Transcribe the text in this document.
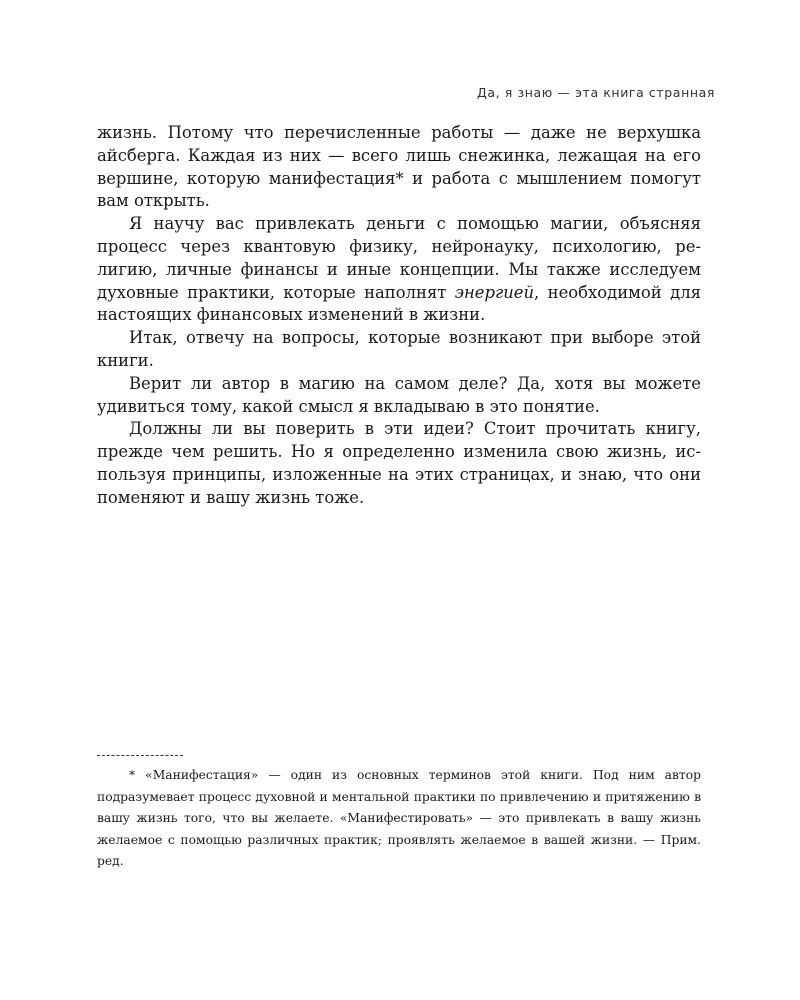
Да, я знаю — эта книга странная

жизнь. Потому что перечисленные работы — даже не верхушка айсберга. Каждая из них — всего лишь снежинка, лежащая на его вершине, которую манифестация* и работа с мышлением помогут вам открыть.

Я научу вас привлекать деньги с помощью магии, объясняя процесс через квантовую физику, нейронауку, психологию, религию, личные финансы и иные концепции. Мы также исследуем духовные практики, которые наполнят энергией, необходимой для настоящих финансовых изменений в жизни.

Итак, отвечу на вопросы, которые возникают при выборе этой книги.

Верит ли автор в магию на самом деле? Да, хотя вы можете удивиться тому, какой смысл я вкладываю в это понятие.

Должны ли вы поверить в эти идеи? Стоит прочитать книгу, прежде чем решить. Но я определенно изменила свою жизнь, используя принципы, изложенные на этих страницах, и знаю, что они поменяют и вашу жизнь тоже.

* «Манифестация» — один из основных терминов этой книги. Под ним автор подразумевает процесс духовной и ментальной практики по привлечению и притяжению в вашу жизнь того, что вы желаете. «Манифестировать» — это привлекать в вашу жизнь желаемое с помощью различных практик; проявлять желаемое в вашей жизни. — Прим. ред.
